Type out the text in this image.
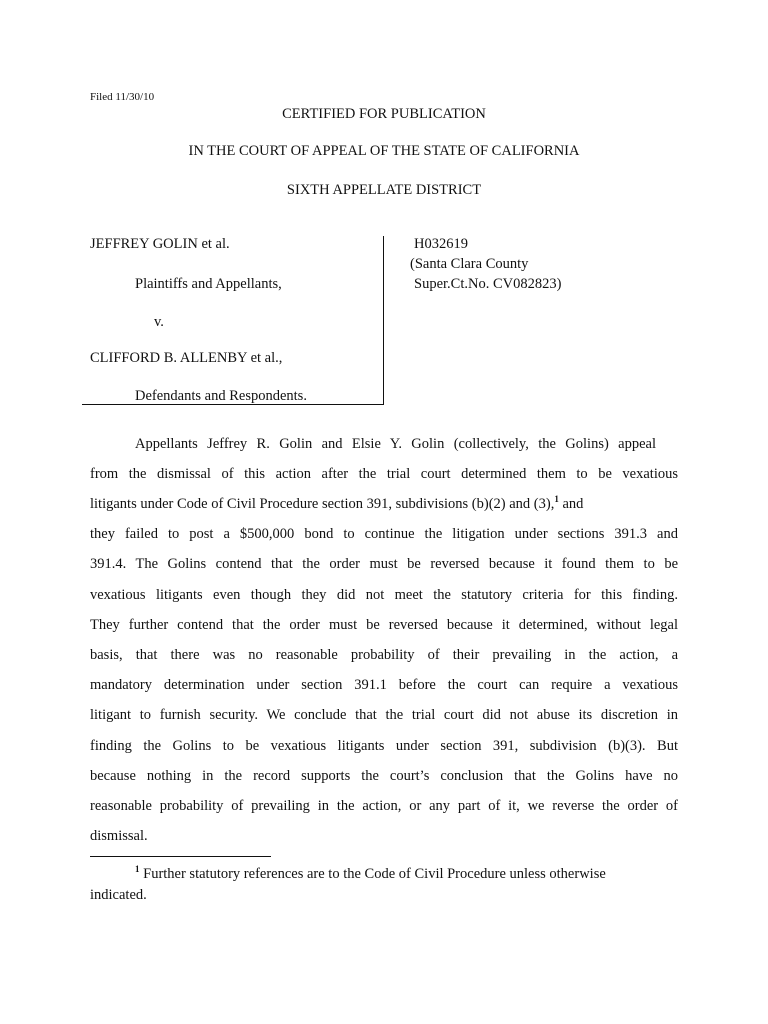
Filed 11/30/10
CERTIFIED FOR PUBLICATION
IN THE COURT OF APPEAL OF THE STATE OF CALIFORNIA
SIXTH APPELLATE DISTRICT
JEFFREY GOLIN et al.
Plaintiffs and Appellants,
v.
CLIFFORD B. ALLENBY et al.,
Defendants and Respondents.
H032619
(Santa Clara County
Super.Ct.No. CV082823)
Appellants Jeffrey R. Golin and Elsie Y. Golin (collectively, the Golins) appeal
from the dismissal of this action after the trial court determined them to be vexatious
litigants under Code of Civil Procedure section 391, subdivisions (b)(2) and (3),$^1$ and
they failed to post a $500,000 bond to continue the litigation under sections 391.3 and
391.4. The Golins contend that the order must be reversed because it found them to be
vexatious litigants even though they did not meet the statutory criteria for this finding.
They further contend that the order must be reversed because it determined, without legal
basis, that there was no reasonable probability of their prevailing in the action, a
mandatory determination under section 391.1 before the court can require a vexatious
litigant to furnish security. We conclude that the trial court did not abuse its discretion in
finding the Golins to be vexatious litigants under section 391, subdivision (b)(3). But
because nothing in the record supports the court’s conclusion that the Golins have no
reasonable probability of prevailing in the action, or any part of it, we reverse the order of
dismissal.
$^1$ Further statutory references are to the Code of Civil Procedure unless otherwise
indicated.
